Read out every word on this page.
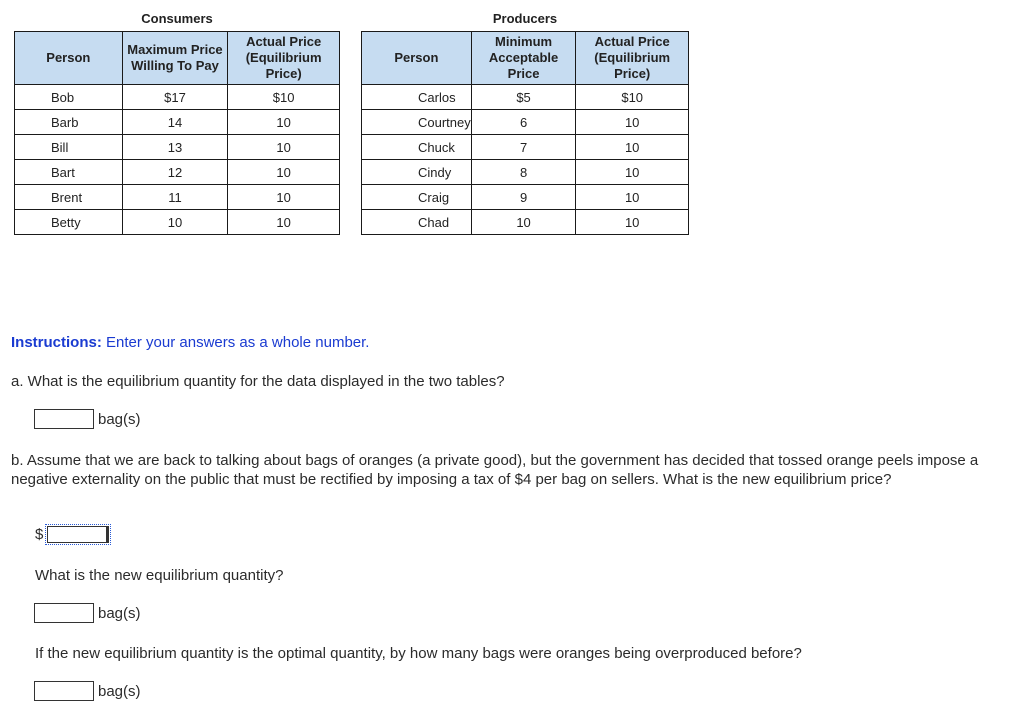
Consumers
Person	Maximum Price Willing To Pay	Actual Price (Equilibrium Price)
Bob	$17	$10
Barb	14	10
Bill	13	10
Bart	12	10
Brent	11	10
Betty	10	10
Producers
Person	Minimum Acceptable Price	Actual Price (Equilibrium Price)
Carlos	$5	$10
Courtney	6	10
Chuck	7	10
Cindy	8	10
Craig	9	10
Chad	10	10
Instructions: Enter your answers as a whole number.
a. What is the equilibrium quantity for the data displayed in the two tables?
bag(s)
b. Assume that we are back to talking about bags of oranges (a private good), but the government has decided that tossed orange peels impose a negative externality on the public that must be rectified by imposing a tax of $4 per bag on sellers. What is the new equilibrium price?
$
What is the new equilibrium quantity?
bag(s)
If the new equilibrium quantity is the optimal quantity, by how many bags were oranges being overproduced before?
bag(s)
